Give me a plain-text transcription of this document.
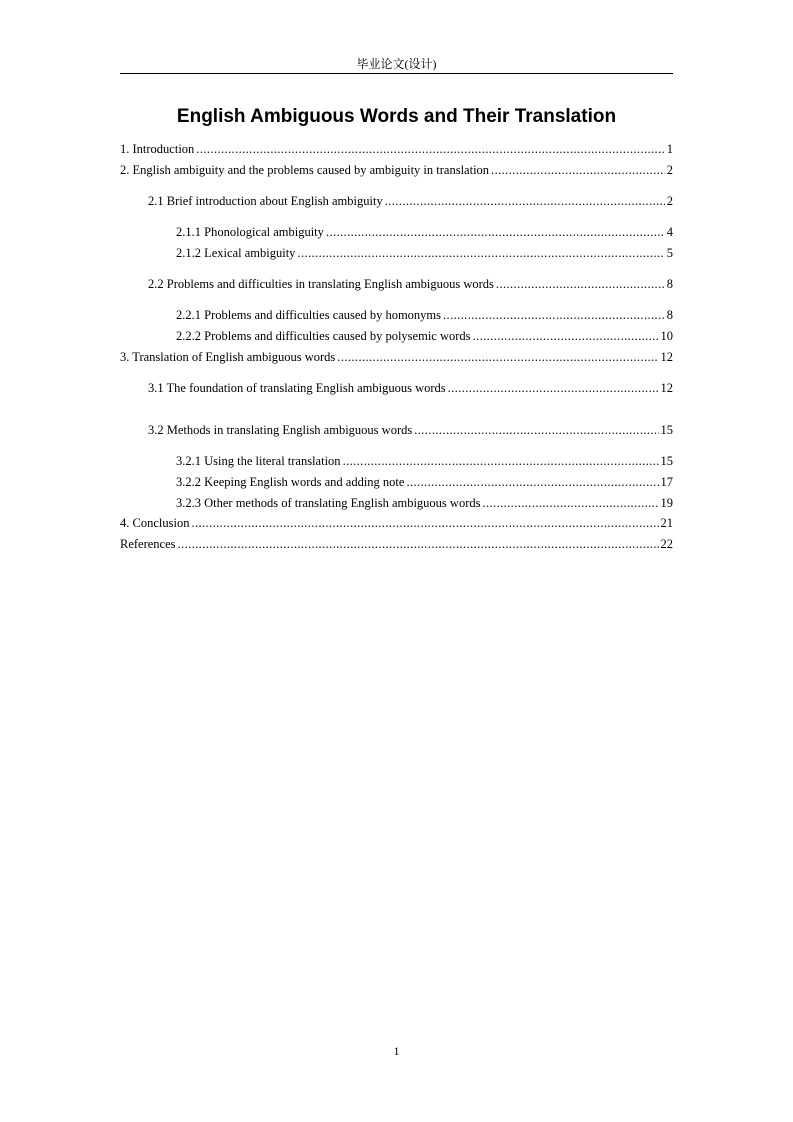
毕业论文(设计)
English Ambiguous Words and Their Translation
1. Introduction .....	1
2. English ambiguity and the problems caused by ambiguity in translation .....	2
2.1 Brief introduction about English ambiguity .....	2
2.1.1 Phonological ambiguity .....	4
2.1.2 Lexical ambiguity .....	5
2.2 Problems and difficulties in translating English ambiguous words .....	8
2.2.1 Problems and difficulties caused by homonyms .....	8
2.2.2 Problems and difficulties caused by polysemic words .....	10
3. Translation of English ambiguous words .....	12
3.1 The foundation of translating English ambiguous words .....	12
3.2 Methods in translating English ambiguous words .....	15
3.2.1 Using the literal translation .....	15
3.2.2 Keeping English words and adding note .....	17
3.2.3 Other methods of translating English ambiguous words .....	19
4. Conclusion .....	21
References .....	22
1
